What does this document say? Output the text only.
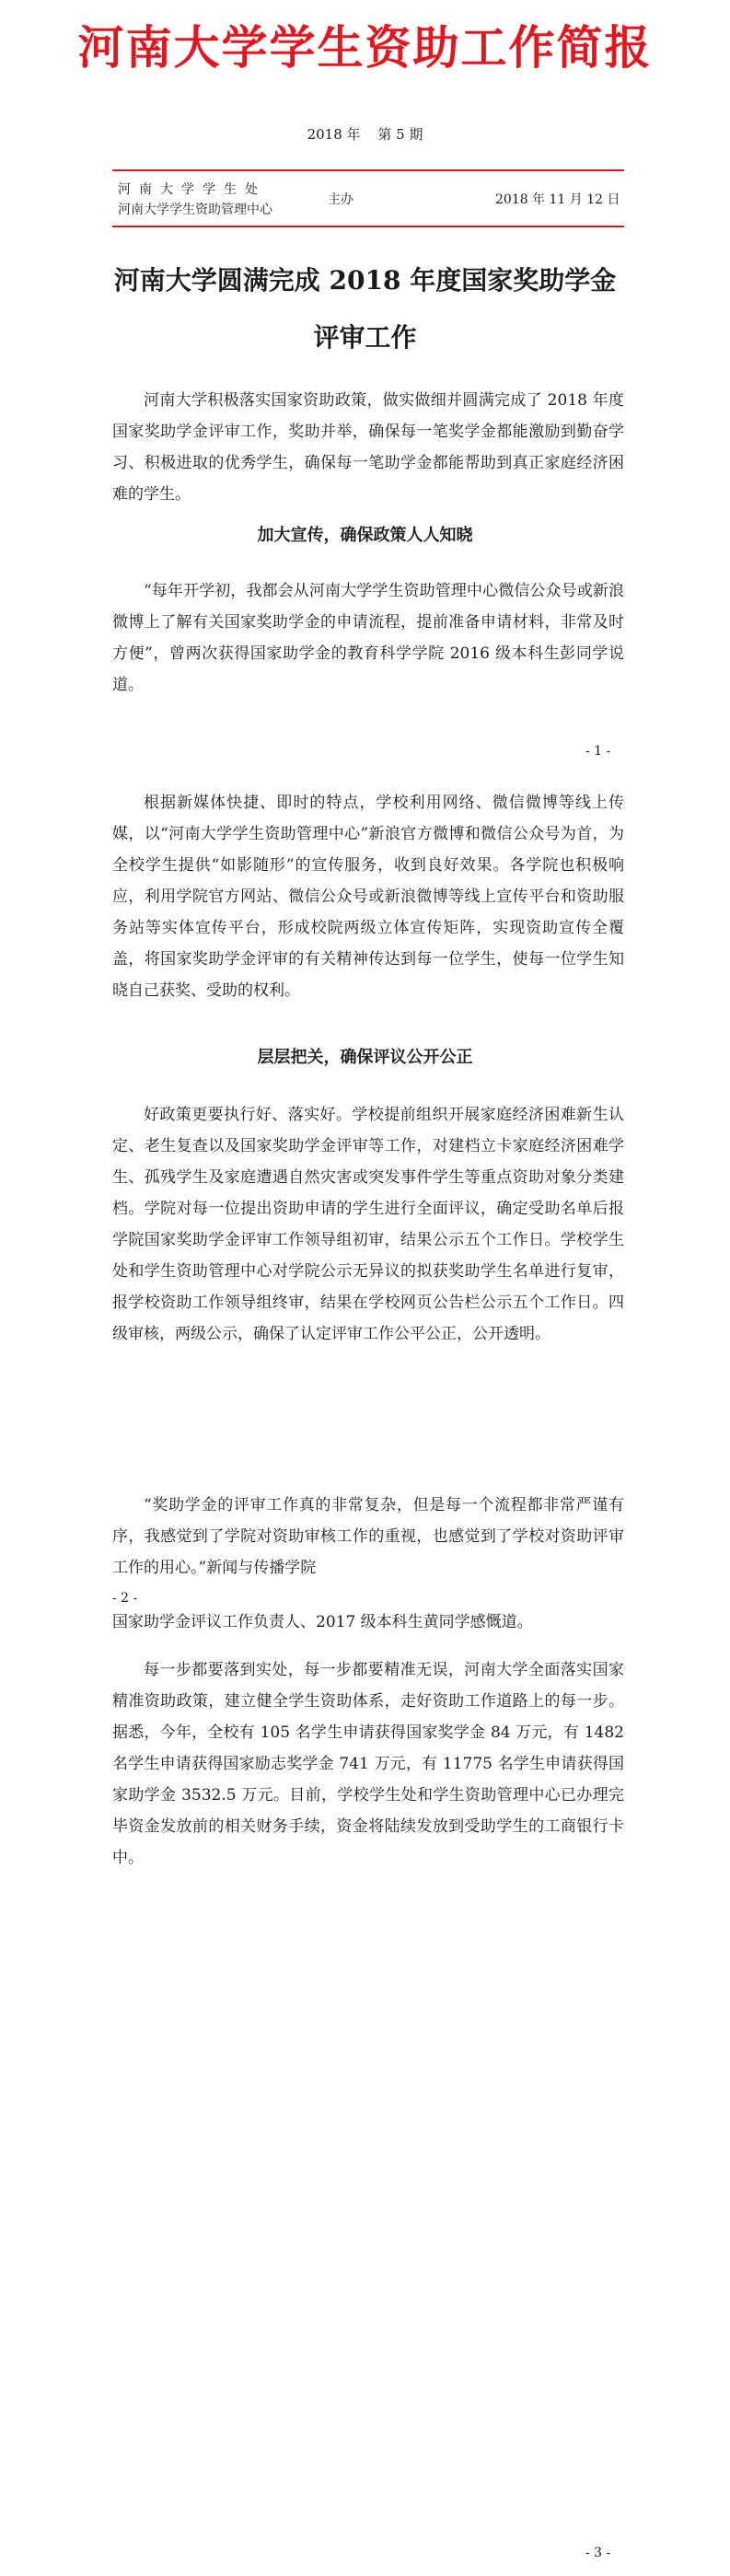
河南大学学生资助工作简报
2018 年 第 5 期
河南大学学生处
河南大学学生资助管理中心
主办	2018 年 11 月 12 日
河南大学圆满完成 2018 年度国家奖助学金
评审工作

河南大学积极落实国家资助政策，做实做细并圆满完成了 2018 年度国家奖助学金评审工作，奖助并举，确保每一笔奖学金都能激励到勤奋学习、积极进取的优秀学生，确保每一笔助学金都能帮助到真正家庭经济困难的学生。

加大宣传，确保政策人人知晓

“每年开学初，我都会从河南大学学生资助管理中心微信公众号或新浪微博上了解有关国家奖助学金的申请流程，提前准备申请材料，非常及时方便”，曾两次获得国家助学金的教育科学学院 2016 级本科生彭同学说道。

- 1 -

根据新媒体快捷、即时的特点，学校利用网络、微信微博等线上传媒，以“河南大学学生资助管理中心”新浪官方微博和微信公众号为首，为全校学生提供“如影随形”的宣传服务，收到良好效果。各学院也积极响应，利用学院官方网站、微信公众号或新浪微博等线上宣传平台和资助服务站等实体宣传平台，形成校院两级立体宣传矩阵，实现资助宣传全覆盖，将国家奖助学金评审的有关精神传达到每一位学生，使每一位学生知晓自己获奖、受助的权利。

层层把关，确保评议公开公正

好政策更要执行好、落实好。学校提前组织开展家庭经济困难新生认定、老生复查以及国家奖助学金评审等工作，对建档立卡家庭经济困难学生、孤残学生及家庭遭遇自然灾害或突发事件学生等重点资助对象分类建档。学院对每一位提出资助申请的学生进行全面评议，确定受助名单后报学院国家奖助学金评审工作领导组初审，结果公示五个工作日。学校学生处和学生资助管理中心对学院公示无异议的拟获奖助学生名单进行复审，报学校资助工作领导组终审，结果在学校网页公告栏公示五个工作日。四级审核，两级公示，确保了认定评审工作公平公正，公开透明。

“奖助学金的评审工作真的非常复杂，但是每一个流程都非常严谨有序，我感觉到了学院对资助审核工作的重视，也感觉到了学校对资助评审工作的用心。”新闻与传播学院

- 2 -

国家助学金评议工作负责人、2017 级本科生黄同学感慨道。

每一步都要落到实处，每一步都要精准无误，河南大学全面落实国家精准资助政策，建立健全学生资助体系，走好资助工作道路上的每一步。据悉，今年，全校有 105 名学生申请获得国家奖学金 84 万元，有 1482 名学生申请获得国家励志奖学金 741 万元，有 11775 名学生申请获得国家助学金 3532.5 万元。目前，学校学生处和学生资助管理中心已办理完毕资金发放前的相关财务手续，资金将陆续发放到受助学生的工商银行卡中。

- 3 -
